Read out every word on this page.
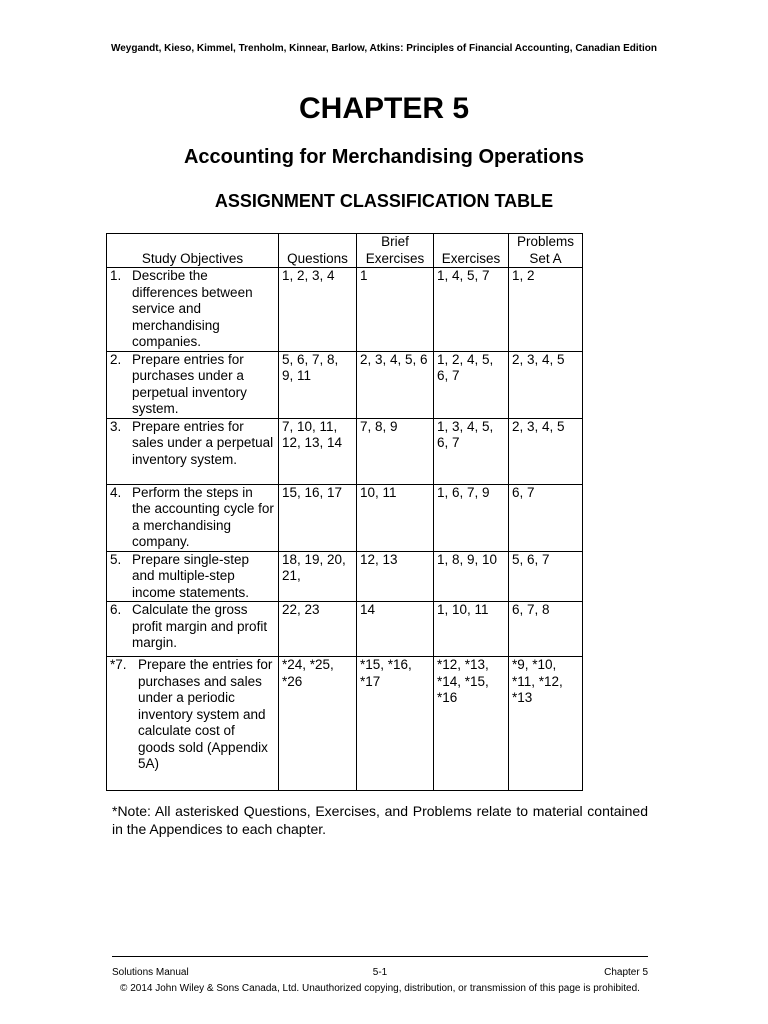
Weygandt, Kieso, Kimmel, Trenholm, Kinnear, Barlow, Atkins: Principles of Financial Accounting, Canadian Edition
CHAPTER 5
Accounting for Merchandising Operations
ASSIGNMENT CLASSIFICATION TABLE
Study Objectives	Questions	Brief Exercises	Exercises	Problems Set A

1. Describe the differences between service and merchandising companies.	1, 2, 3, 4	1	1, 4, 5, 7	1, 2

2. Prepare entries for purchases under a perpetual inventory system.	5, 6, 7, 8, 9, 11	2, 3, 4, 5, 6	1, 2, 4, 5, 6, 7	2, 3, 4, 5

3. Prepare entries for sales under a perpetual inventory system.	7, 10, 11, 12, 13, 14	7, 8, 9	1, 3, 4, 5, 6, 7	2, 3, 4, 5

4. Perform the steps in the accounting cycle for a merchandising company.	15, 16, 17	10, 11	1, 6, 7, 9	6, 7

5. Prepare single-step and multiple-step income statements.	18, 19, 20, 21,	12, 13	1, 8, 9, 10	5, 6, 7

6. Calculate the gross profit margin and profit margin.	22, 23	14	1, 10, 11	6, 7, 8

*7. Prepare the entries for purchases and sales under a periodic inventory system and calculate cost of goods sold (Appendix 5A)	*24, *25, *26	*15, *16, *17	*12, *13, *14, *15, *16	*9, *10, *11, *12, *13
*Note: All asterisked Questions, Exercises, and Problems relate to material contained in the Appendices to each chapter.
Solutions Manual	5-1	Chapter 5
© 2014 John Wiley & Sons Canada, Ltd. Unauthorized copying, distribution, or transmission of this page is prohibited.
